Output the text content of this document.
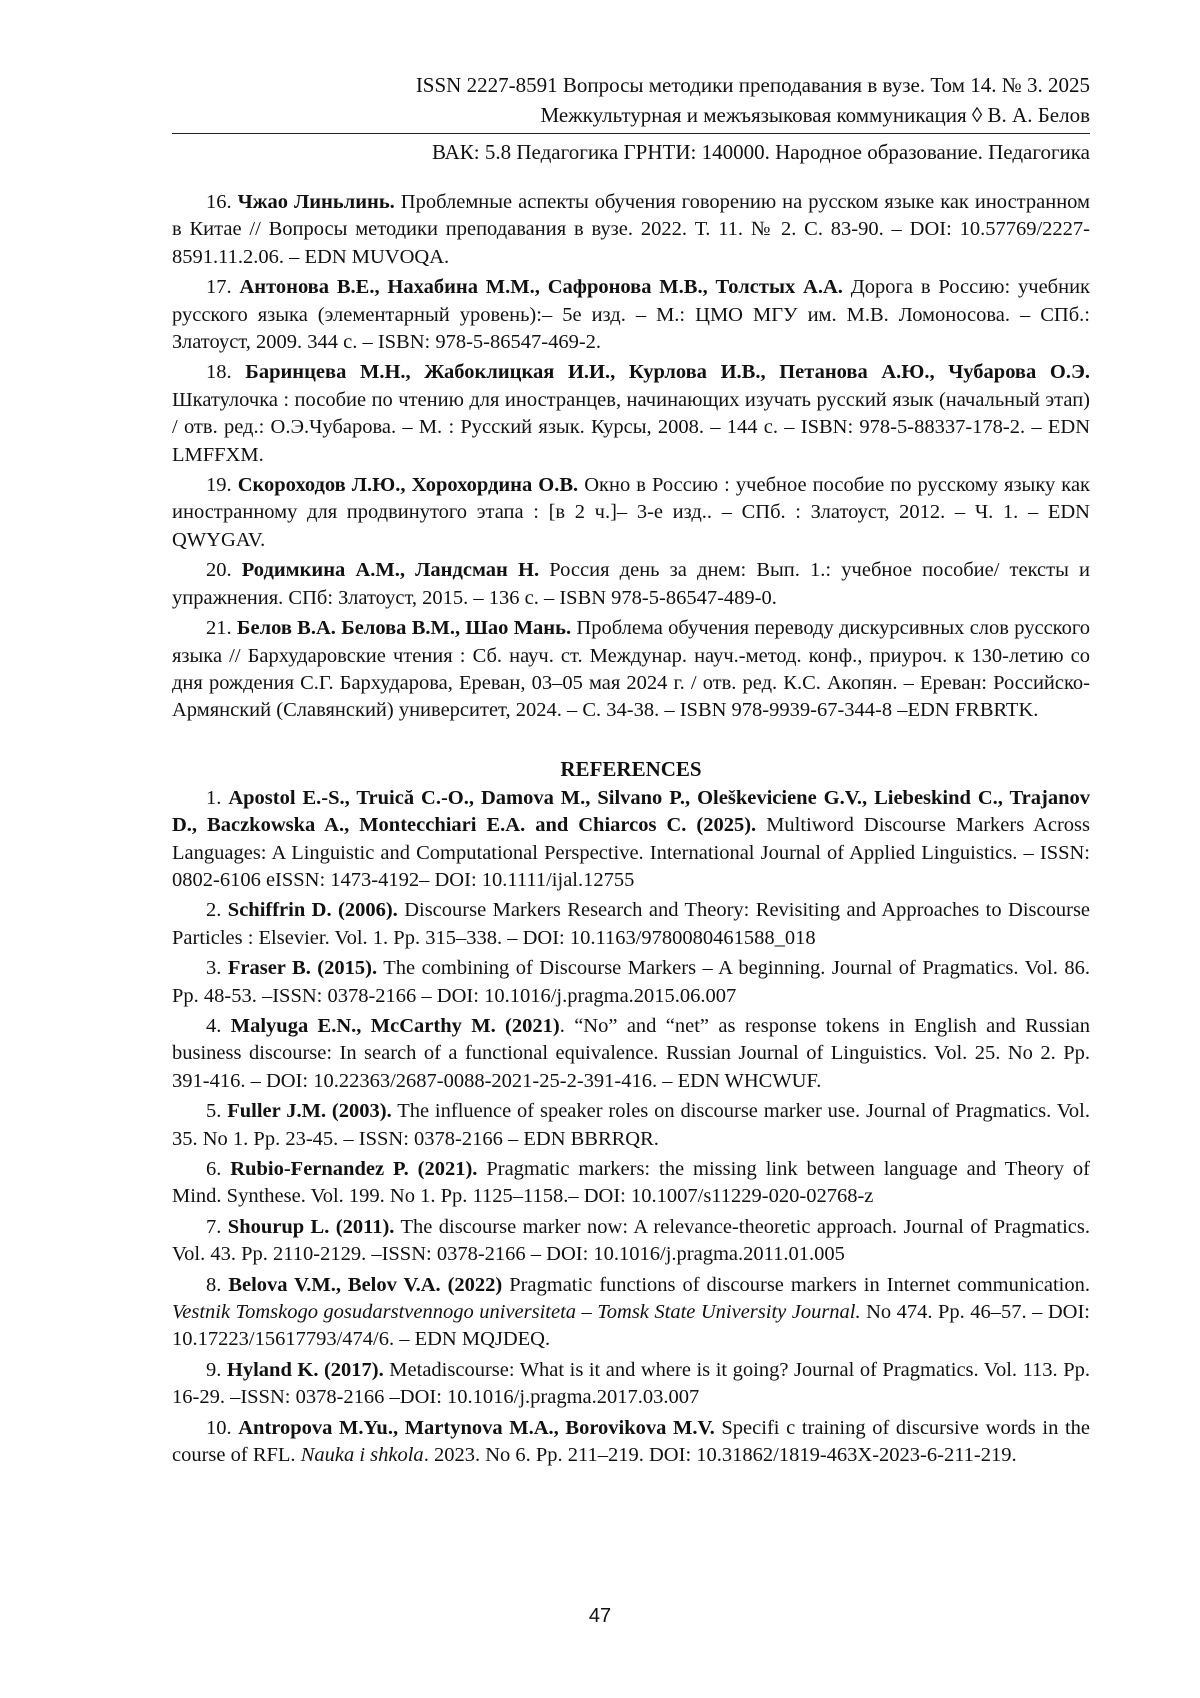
ISSN 2227-8591 Вопросы методики преподавания в вузе. Том 14. № 3. 2025
Межкультурная и межъязыковая коммуникация ◊ В. А. Белов
ВАК: 5.8 Педагогика ГРНТИ: 140000. Народное образование. Педагогика

16. Чжао Линьлинь. Проблемные аспекты обучения говорению на русском языке как иностранном в Китае // Вопросы методики преподавания в вузе. 2022. Т. 11. № 2. С. 83-90. – DOI: 10.57769/2227-8591.11.2.06. – EDN MUVOQA.

17. Антонова В.Е., Нахабина М.М., Сафронова М.В., Толстых А.А. Дорога в Россию: учебник русского языка (элементарный уровень):– 5е изд. – М.: ЦМО МГУ им. М.В. Ломоносова. – СПб.: Златоуст, 2009. 344 с. – ISBN: 978-5-86547-469-2.

18. Баринцева М.Н., Жабоклицкая И.И., Курлова И.В., Петанова А.Ю., Чубарова О.Э. Шкатулочка : пособие по чтению для иностранцев, начинающих изучать русский язык (начальный этап) / отв. ред.: О.Э.Чубарова. – М. : Русский язык. Курсы, 2008. – 144 с. – ISBN: 978-5-88337-178-2. – EDN LMFFXM.

19. Скороходов Л.Ю., Хорохордина О.В. Окно в Россию : учебное пособие по русскому языку как иностранному для продвинутого этапа : [в 2 ч.]– 3-е изд.. – СПб. : Златоуст, 2012. – Ч. 1. – EDN QWYGAV.

20. Родимкина А.М., Ландсман Н. Россия день за днем: Вып. 1.: учебное пособие/ тексты и упражнения. СПб: Златоуст, 2015. – 136 с. – ISBN 978-5-86547-489-0.

21. Белов В.А. Белова В.М., Шао Мань. Проблема обучения переводу дискурсивных слов русского языка // Бархударовские чтения : Сб. науч. ст. Междунар. науч.-метод. конф., приуроч. к 130-летию со дня рождения С.Г. Бархударова, Ереван, 03–05 мая 2024 г. / отв. ред. К.С. Акопян. – Ереван: Российско-Армянский (Славянский) университет, 2024. – С. 34-38. – ISBN 978-9939-67-344-8 –EDN FRBRTK.

REFERENCES

1. Apostol E.-S., Truică C.-O., Damova M., Silvano P., Oleškeviciene G.V., Liebeskind C., Trajanov D., Baczkowska A., Montecchiari E.A. and Chiarcos C. (2025). Multiword Discourse Markers Across Languages: A Linguistic and Computational Perspective. International Journal of Applied Linguistics. – ISSN: 0802-6106 eISSN: 1473-4192– DOI: 10.1111/ijal.12755

2. Schiffrin D. (2006). Discourse Markers Research and Theory: Revisiting and Approaches to Discourse Particles : Elsevier. Vol. 1. Pp. 315–338. – DOI: 10.1163/9780080461588_018

3. Fraser B. (2015). The combining of Discourse Markers – A beginning. Journal of Pragmatics. Vol. 86. Pp. 48-53. –ISSN: 0378-2166 – DOI: 10.1016/j.pragma.2015.06.007

4. Malyuga E.N., McCarthy M. (2021). “No” and “net” as response tokens in English and Russian business discourse: In search of a functional equivalence. Russian Journal of Linguistics. Vol. 25. No 2. Pp. 391-416. – DOI: 10.22363/2687-0088-2021-25-2-391-416. – EDN WHCWUF.

5. Fuller J.M. (2003). The influence of speaker roles on discourse marker use. Journal of Pragmatics. Vol. 35. No 1. Pp. 23-45. – ISSN: 0378-2166 – EDN BBRRQR.

6. Rubio-Fernandez P. (2021). Pragmatic markers: the missing link between language and Theory of Mind. Synthese. Vol. 199. No 1. Pp. 1125–1158.– DOI: 10.1007/s11229-020-02768-z

7. Shourup L. (2011). The discourse marker now: A relevance-theoretic approach. Journal of Pragmatics. Vol. 43. Pp. 2110-2129. –ISSN: 0378-2166 – DOI: 10.1016/j.pragma.2011.01.005

8. Belova V.M., Belov V.A. (2022) Pragmatic functions of discourse markers in Internet communication. Vestnik Tomskogo gosudarstvennogo universiteta – Tomsk State University Journal. No 474. Pp. 46–57. – DOI: 10.17223/15617793/474/6. – EDN MQJDEQ.

9. Hyland K. (2017). Metadiscourse: What is it and where is it going? Journal of Pragmatics. Vol. 113. Pp. 16-29. –ISSN: 0378-2166 –DOI: 10.1016/j.pragma.2017.03.007

10. Antropova M.Yu., Martynova M.A., Borovikova M.V. Specifi c training of discursive words in the course of RFL. Nauka i shkola. 2023. No 6. Pp. 211–219. DOI: 10.31862/1819-463X-2023-6-211-219.

47
